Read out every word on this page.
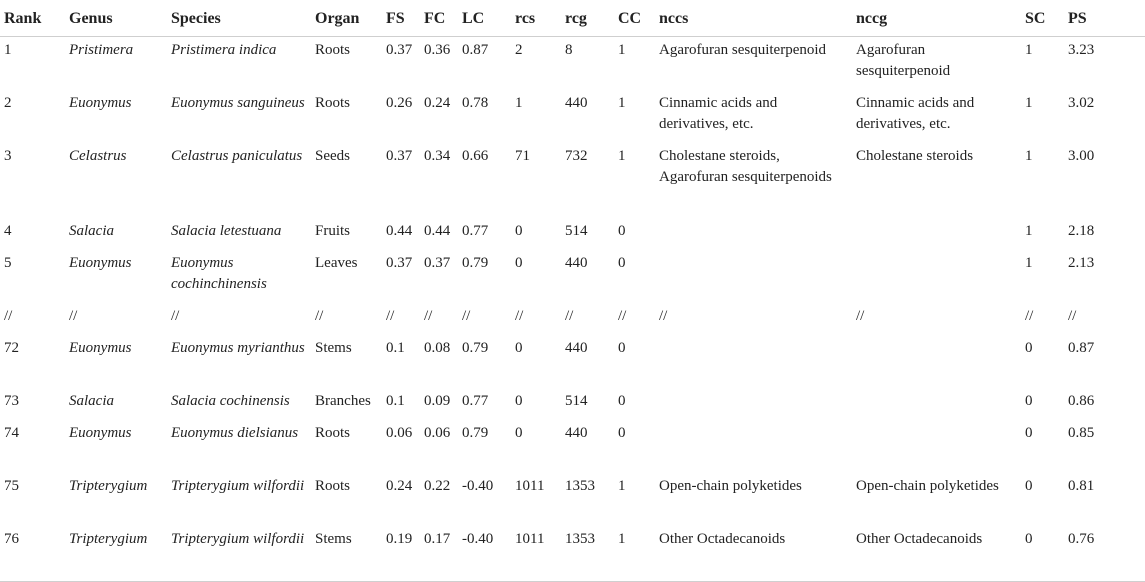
Rank	Genus	Species	Organ	FS	FC	LC	rcs	rcg	CC	nccs	nccg	SC	PS
1	Pristimera	Pristimera indica	Roots	0.37	0.36	0.87	2	8	1	Agarofuran sesquiterpenoid	Agarofuran sesquiterpenoid	1	3.23
2	Euonymus	Euonymus sanguineus	Roots	0.26	0.24	0.78	1	440	1	Cinnamic acids and derivatives, etc.	Cinnamic acids and derivatives, etc.	1	3.02
3	Celastrus	Celastrus paniculatus	Seeds	0.37	0.34	0.66	71	732	1	Cholestane steroids, Agarofuran sesquiterpenoids	Cholestane steroids	1	3.00
4	Salacia	Salacia letestuana	Fruits	0.44	0.44	0.77	0	514	0			1	2.18
5	Euonymus	Euonymus cochinchinensis	Leaves	0.37	0.37	0.79	0	440	0			1	2.13
//	//	//	//	//	//	//	//	//	//	//	//	//	//
72	Euonymus	Euonymus myrianthus	Stems	0.1	0.08	0.79	0	440	0			0	0.87
73	Salacia	Salacia cochinensis	Branches	0.1	0.09	0.77	0	514	0			0	0.86
74	Euonymus	Euonymus dielsianus	Roots	0.06	0.06	0.79	0	440	0			0	0.85
75	Tripterygium	Tripterygium wilfordii	Roots	0.24	0.22	-0.40	1011	1353	1	Open-chain polyketides	Open-chain polyketides	0	0.81
76	Tripterygium	Tripterygium wilfordii	Stems	0.19	0.17	-0.40	1011	1353	1	Other Octadecanoids	Other Octadecanoids	0	0.76
